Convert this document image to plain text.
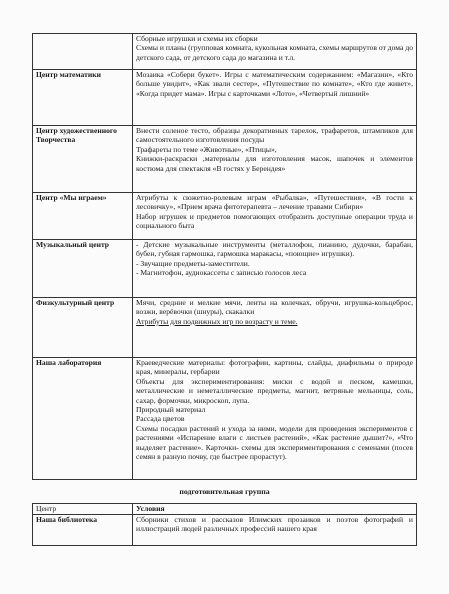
	Сборные игрушки и схемы их сборки
Схемы и планы (групповая комната, кукольная комната, схемы маршрутов от дома до детского сада, от детского сада до магазина и т.л.

Центр математики	Мозаика «Собери букет». Игры с математическим содержанием: «Магазин», «Кто больше увидит», «Как звали сестер», «Путешествие по комнате», «Кто где живет», «Когда придет мама». Игры с карточками «Лото», «Четвертый лишний»

Центр художественного Творчества	Внести соленое тесто, образцы декоративных тарелок, трафаретов, штампиков для самостоятельного изготовления посуды
Трафареты по теме «Животные», «Птицы»,
Книжки-раскраски ,материалы для изготовления масок, шапочек и элементов костюма для спектакля «В гостях у Берендея»

Центр «Мы играем»	Атрибуты к сюжетно-ролевым играм «Рыбалка», «Путешествия», «В гости к лесовичку», «Прием врача фитотерапевта – лечение травами Сибири»
Набор игрушек и предметов помогающих отобразить доступные операции труда и социального быта

Музыкальный центр	- Детские музыкальные инструменты (металлофон, пианино, дудочки, барабан, бубен, губная гармошка, гармошка маракасы, «поющие» игрушки).
- Звучащие предметы-заместители.
- Магнитофон, аудиокассеты с записью голосов леса

Физкультурный центр	Мячи, средние и мелкие мячи, ленты на колечках, обручи, игрушка-кольцеброс, возжи, верёвочки (шнуры), скакалки
Атрибуты для подвижных игр по возрасту и теме.

Наша лаборатория	Краеведческие материалы: фотографии, картины, слайды, диафильмы о природе края, минералы, гербарии
Объекты для экспериментирования: миски с водой и песком, камешки, металлические и неметаллические предметы, магнит, ветряные мельницы, соль, сахар, формочки, микроскоп, лупа.
Природный материал
Рассада цветов
Схемы посадки растений и ухода за ними, модели для проведения экспериментов с растениями «Испарение влаги с листьев растений», «Как растение дышит?», «Что выделяет растение». Карточки- схемы для экспериментирования с семенами (посев семян в разную почву, где быстрее прорастут).
подготовительная группа
Центр	Условия
Наша библиотека	Сборники стихов и рассказов Илимских прозаиков и поэтов фотографий и иллюстраций людей различных профессий нашего края
